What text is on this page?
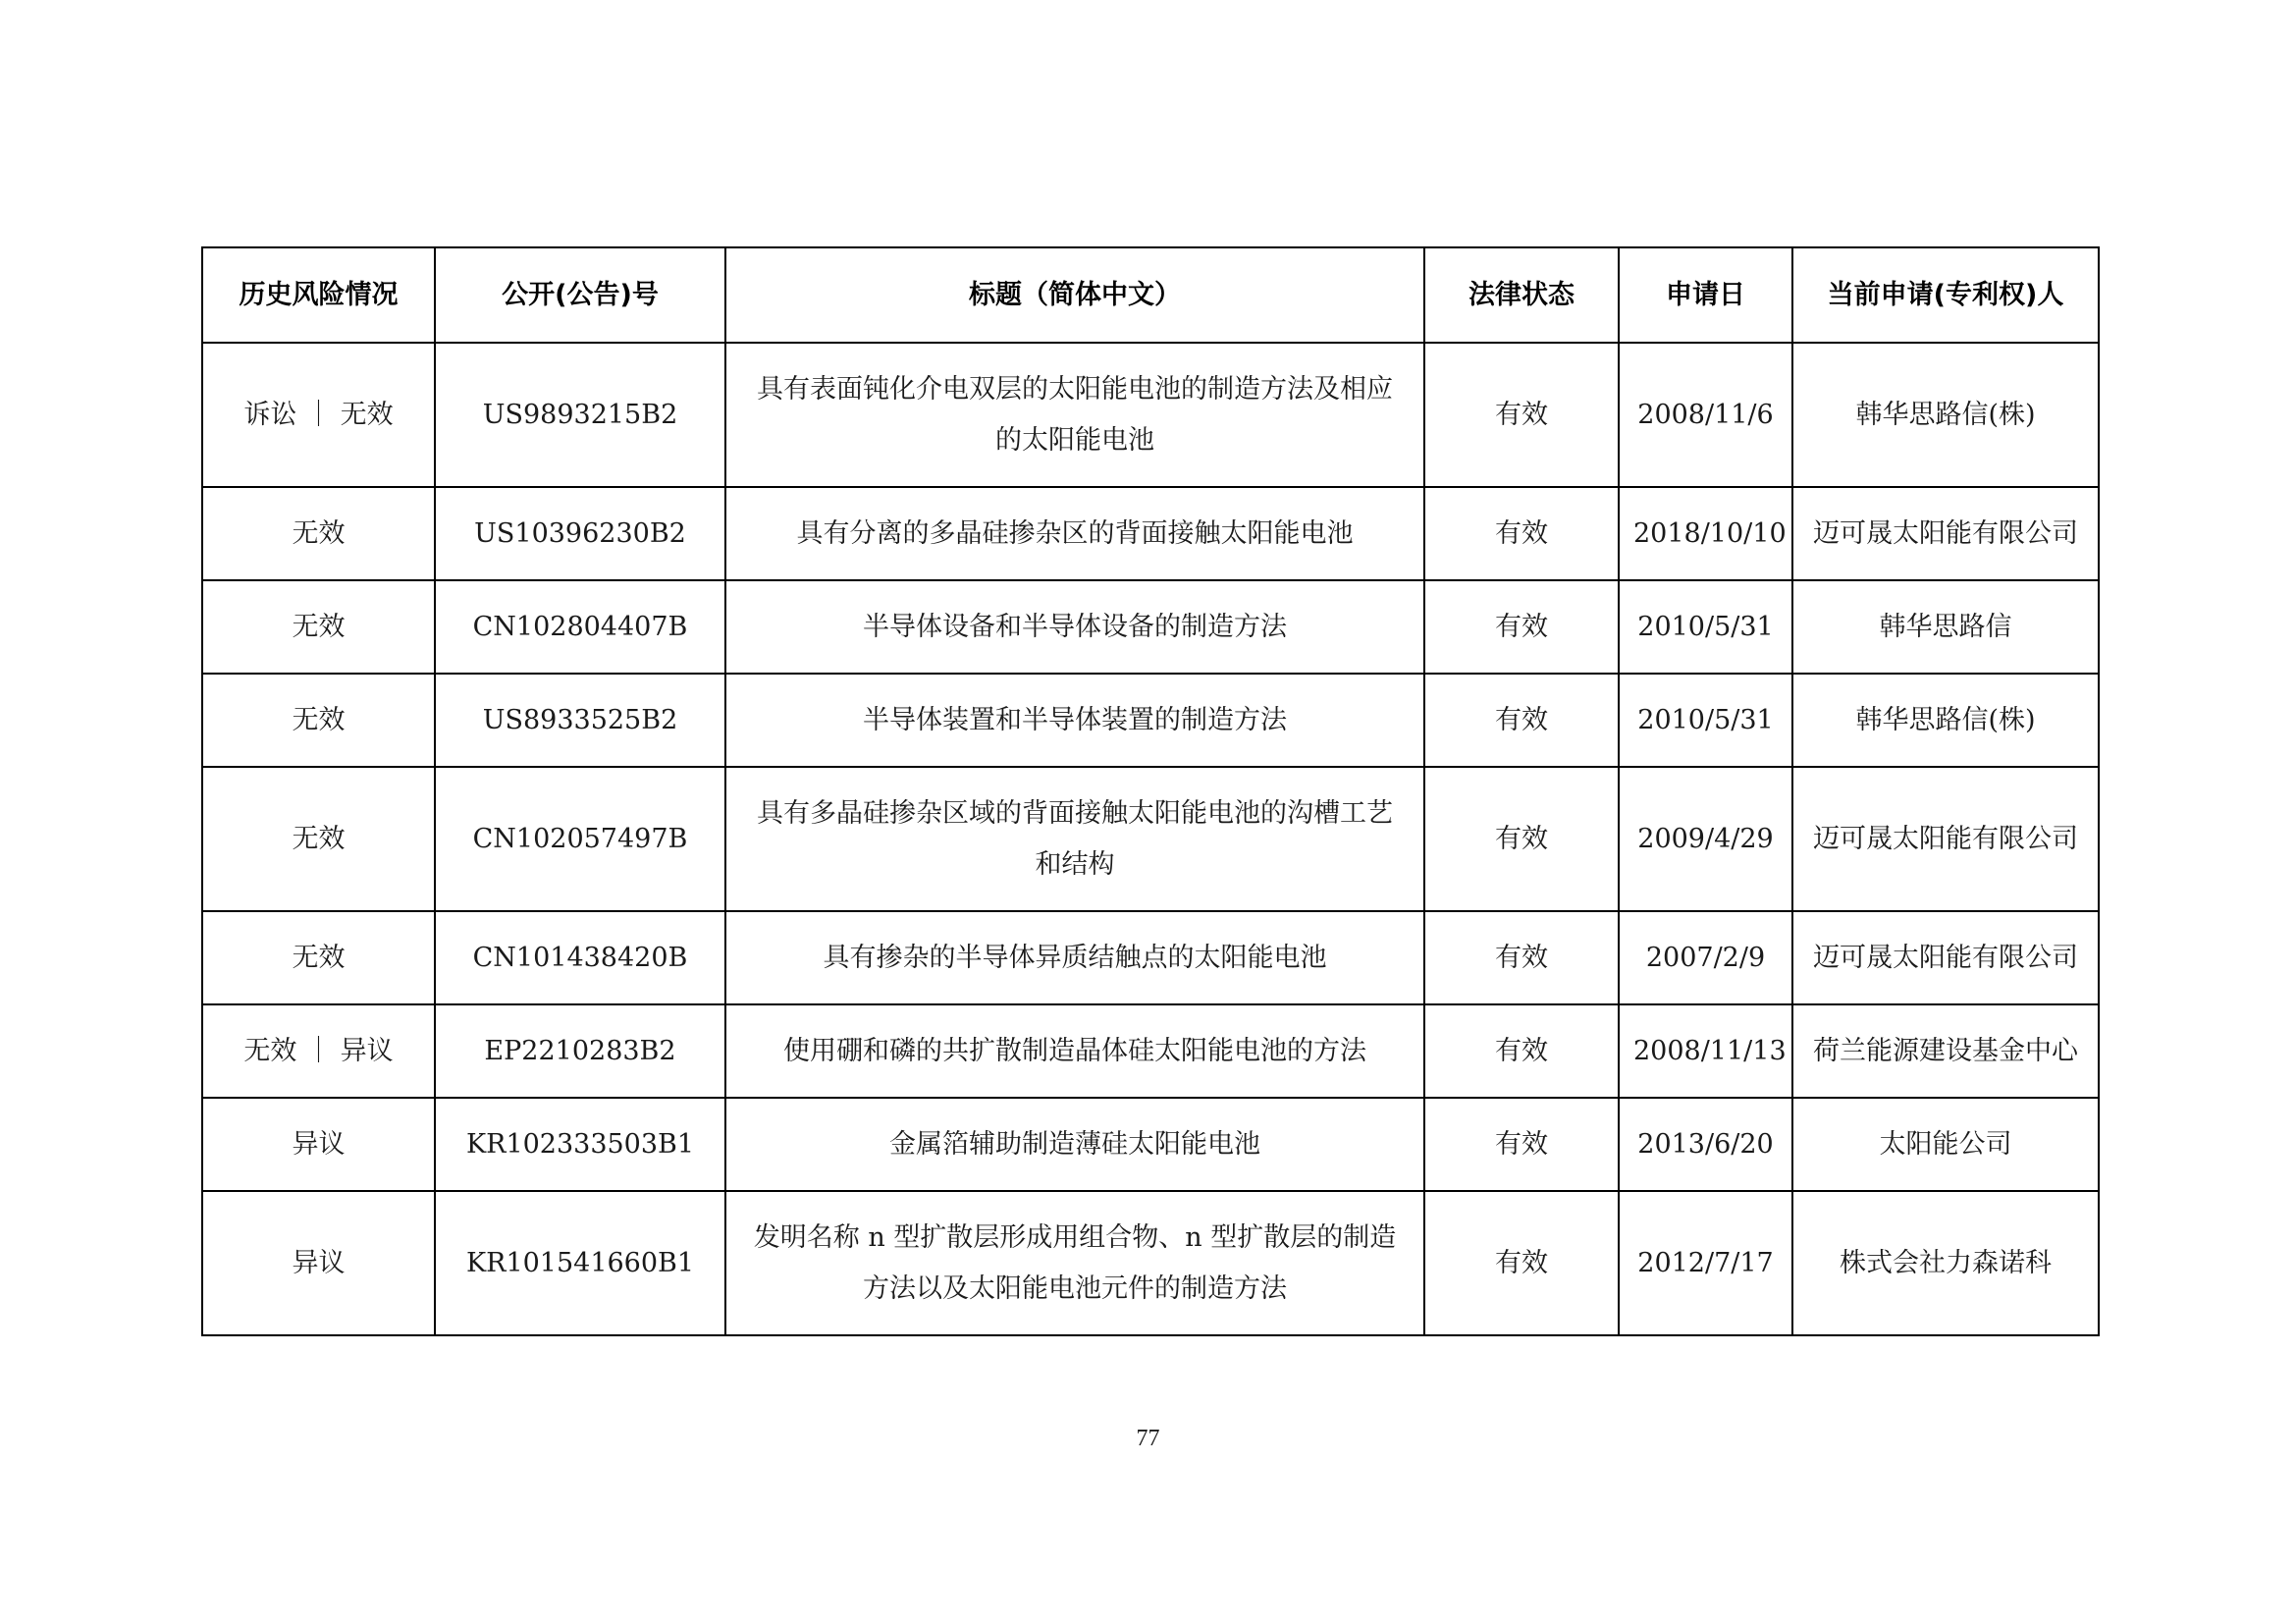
历史风险情况	公开(公告)号	标题（简体中文）	法律状态	申请日	当前申请(专利权)人
诉讼 ｜ 无效	US9893215B2	具有表面钝化介电双层的太阳能电池的制造方法及相应的太阳能电池	有效	2008/11/6	韩华思路信(株)
无效	US10396230B2	具有分离的多晶硅掺杂区的背面接触太阳能电池	有效	2018/10/10	迈可晟太阳能有限公司
无效	CN102804407B	半导体设备和半导体设备的制造方法	有效	2010/5/31	韩华思路信
无效	US8933525B2	半导体装置和半导体装置的制造方法	有效	2010/5/31	韩华思路信(株)
无效	CN102057497B	具有多晶硅掺杂区域的背面接触太阳能电池的沟槽工艺和结构	有效	2009/4/29	迈可晟太阳能有限公司
无效	CN101438420B	具有掺杂的半导体异质结触点的太阳能电池	有效	2007/2/9	迈可晟太阳能有限公司
无效 ｜ 异议	EP2210283B2	使用硼和磷的共扩散制造晶体硅太阳能电池的方法	有效	2008/11/13	荷兰能源建设基金中心
异议	KR102333503B1	金属箔辅助制造薄硅太阳能电池	有效	2013/6/20	太阳能公司
异议	KR101541660B1	发明名称 n 型扩散层形成用组合物、n 型扩散层的制造方法以及太阳能电池元件的制造方法	有效	2012/7/17	株式会社力森诺科
77
